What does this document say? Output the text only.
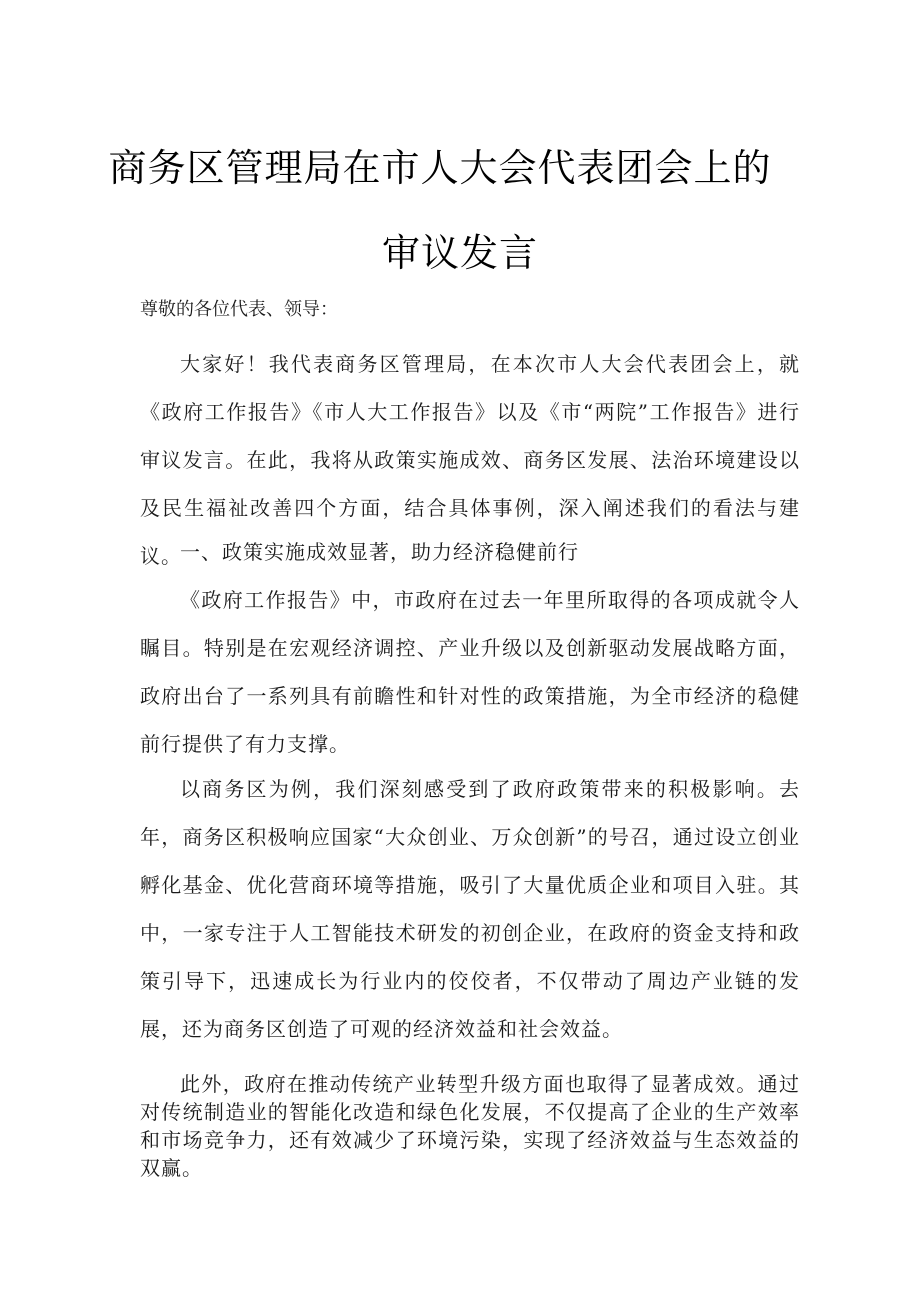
商务区管理局在市人大会代表团会上的
审议发言

尊敬的各位代表、领导：

大家好！我代表商务区管理局，在本次市人大会代表团会上，就《政府工作报告》《市人大工作报告》以及《市“两院”工作报告》进行审议发言。在此，我将从政策实施成效、商务区发展、法治环境建设以及民生福祉改善四个方面，结合具体事例，深入阐述我们的看法与建议。

一、政策实施成效显著，助力经济稳健前行

《政府工作报告》中，市政府在过去一年里所取得的各项成就令人瞩目。特别是在宏观经济调控、产业升级以及创新驱动发展战略方面，政府出台了一系列具有前瞻性和针对性的政策措施，为全市经济的稳健前行提供了有力支撑。

以商务区为例，我们深刻感受到了政府政策带来的积极影响。去年，商务区积极响应国家“大众创业、万众创新”的号召，通过设立创业孵化基金、优化营商环境等措施，吸引了大量优质企业和项目入驻。其中，一家专注于人工智能技术研发的初创企业，在政府的资金支持和政策引导下，迅速成长为行业内的佼佼者，不仅带动了周边产业链的发展，还为商务区创造了可观的经济效益和社会效益。

此外，政府在推动传统产业转型升级方面也取得了显著成效。通过对传统制造业的智能化改造和绿色化发展，不仅提高了企业的生产效率和市场竞争力，还有效减少了环境污染，实现了经济效益与生态效益的双赢。
